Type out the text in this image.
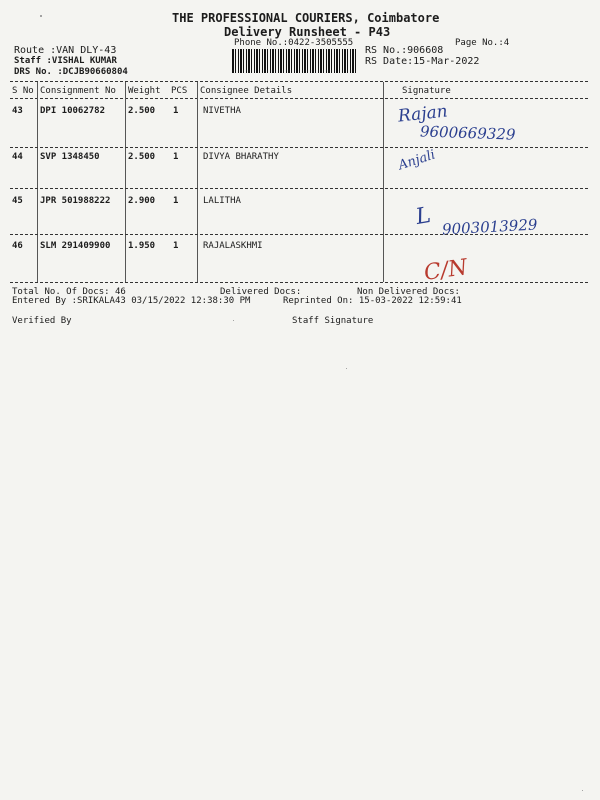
THE PROFESSIONAL COURIERS, Coimbatore
Delivery Runsheet - P43
Phone No.:0422-3505555	Page No.:4
Route :VAN DLY-43
Staff :VISHAL KUMAR
DRS No. :DCJB90660804
RS No.:906608
RS Date:15-Mar-2022
S No Consignment No Weight PCS Consignee Details	Signature
43 DPI 10062782	2.500 1	NIVETHA	Rajan
9600669329
44 SVP 1348450	2.500 1	DIVYA BHARATHY	Anjali
45 JPR 501988222 2.900 1	LALITHA
L 9003013929
46 SLM 291409900 1.950 1	RAJALASKHMI
C/N
Total No. Of Docs: 46	Delivered Docs:	Non Delivered Docs:
Entered By :SRIKALA43 03/15/2022 12:38:30 PM	Reprinted On: 15-03-2022 12:59:41
Verified By	Staff Signature
